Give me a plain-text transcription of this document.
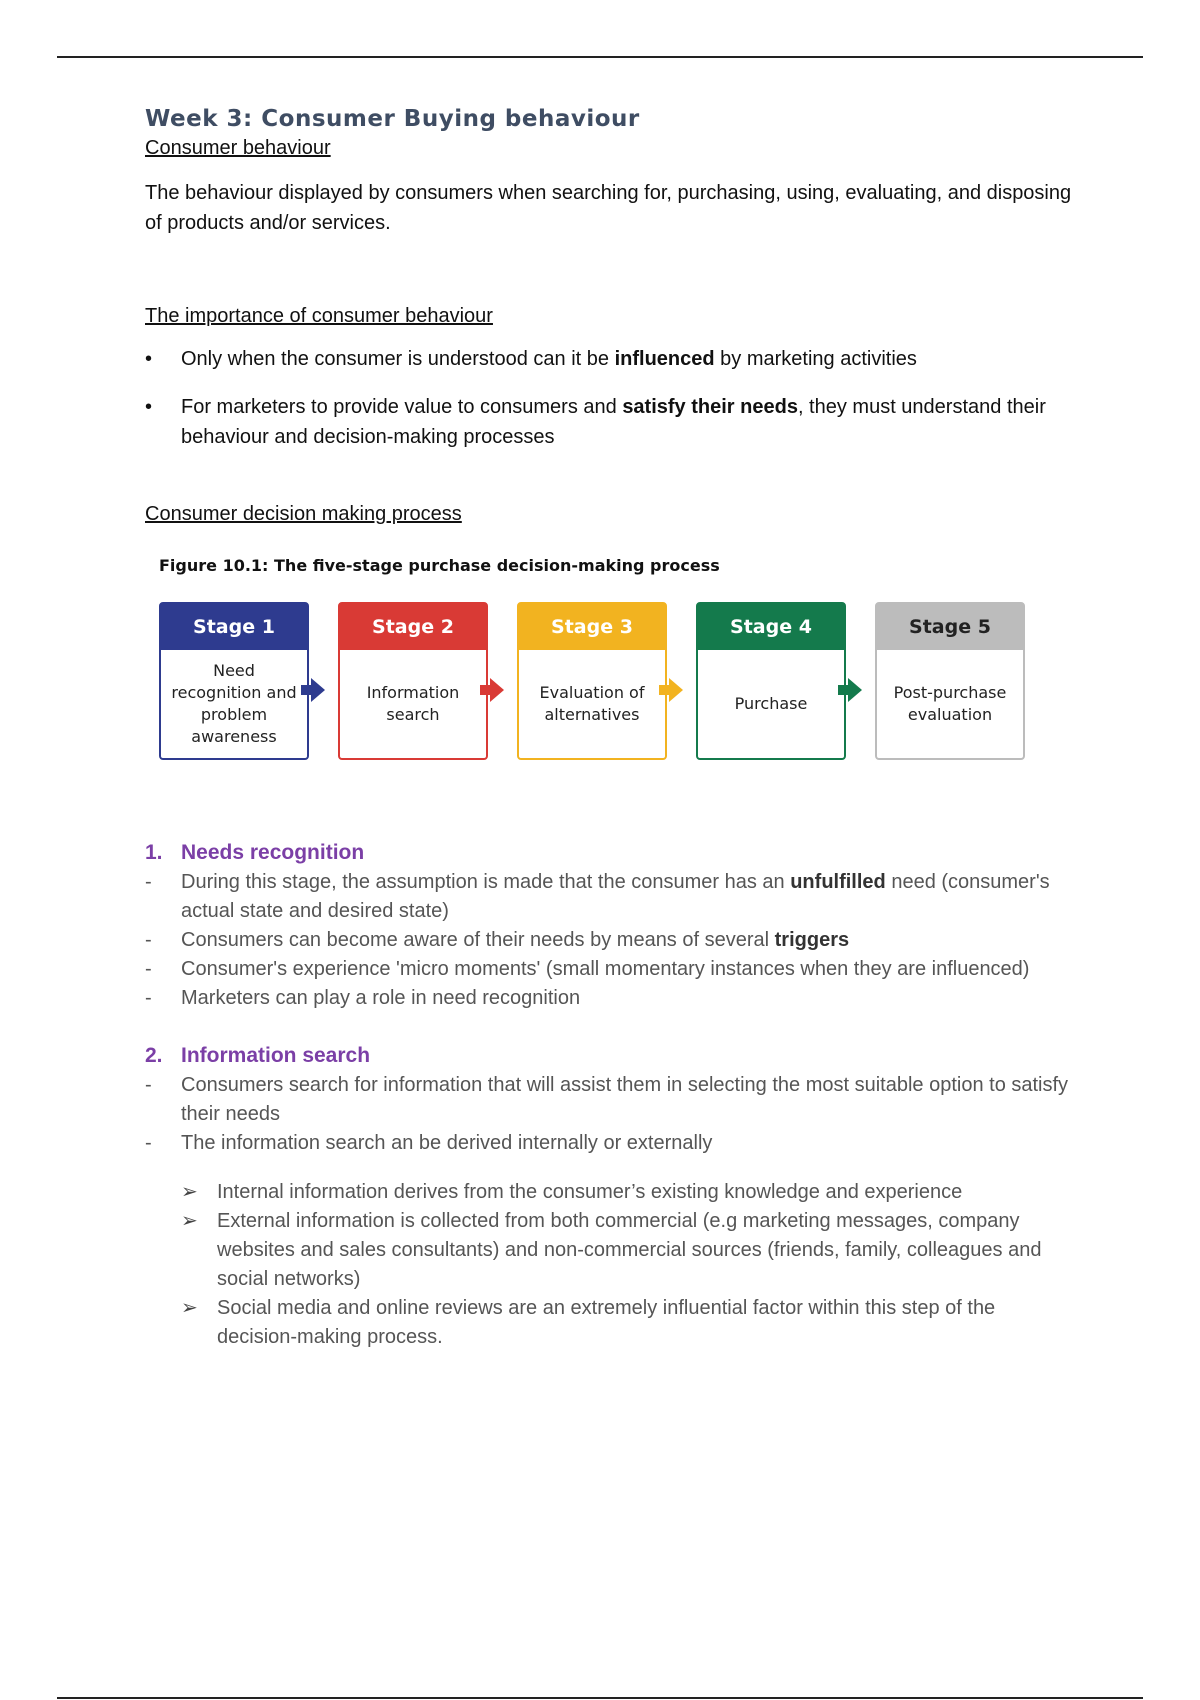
Week 3: Consumer Buying behaviour

Consumer behaviour

The behaviour displayed by consumers when searching for, purchasing, using, evaluating, and disposing of products and/or services.

The importance of consumer behaviour

• Only when the consumer is understood can it be influenced by marketing activities
• For marketers to provide value to consumers and satisfy their needs, they must understand their behaviour and decision-making processes

Consumer decision making process

Figure 10.1: The five-stage purchase decision-making process
Stage 1
Need recognition and problem awareness
Stage 2
Information search
Stage 3
Evaluation of alternatives
Stage 4
Purchase
Stage 5
Post-purchase evaluation

1. Needs recognition

- During this stage, the assumption is made that the consumer has an unfulfilled need (consumer's actual state and desired state)
- Consumers can become aware of their needs by means of several triggers
- Consumer's experience 'micro moments' (small momentary instances when they are influenced)
- Marketers can play a role in need recognition

2. Information search

- Consumers search for information that will assist them in selecting the most suitable option to satisfy their needs
- The information search an be derived internally or externally
➢ Internal information derives from the consumer’s existing knowledge and experience
➢ External information is collected from both commercial (e.g marketing messages, company websites and sales consultants) and non-commercial sources (friends, family, colleagues and social networks)
➢ Social media and online reviews are an extremely influential factor within this step of the decision-making process.
